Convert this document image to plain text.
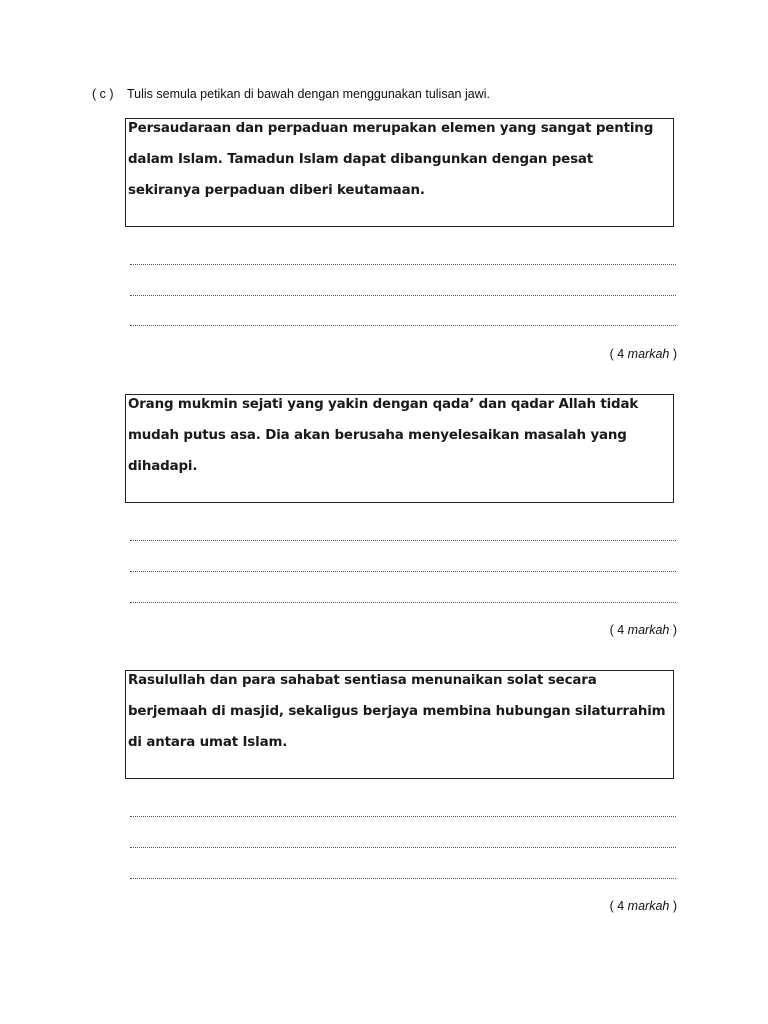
( c ) Tulis semula petikan di bawah dengan menggunakan tulisan jawi.
Persaudaraan dan perpaduan merupakan elemen yang sangat penting dalam Islam. Tamadun Islam dapat dibangunkan dengan pesat sekiranya perpaduan diberi keutamaan.
( 4 markah )
Orang mukmin sejati yang yakin dengan qada’ dan qadar Allah tidak mudah putus asa. Dia akan berusaha menyelesaikan masalah yang dihadapi.
( 4 markah )
Rasulullah dan para sahabat sentiasa menunaikan solat secara berjemaah di masjid, sekaligus berjaya membina hubungan silaturrahim di antara umat Islam.
( 4 markah )
